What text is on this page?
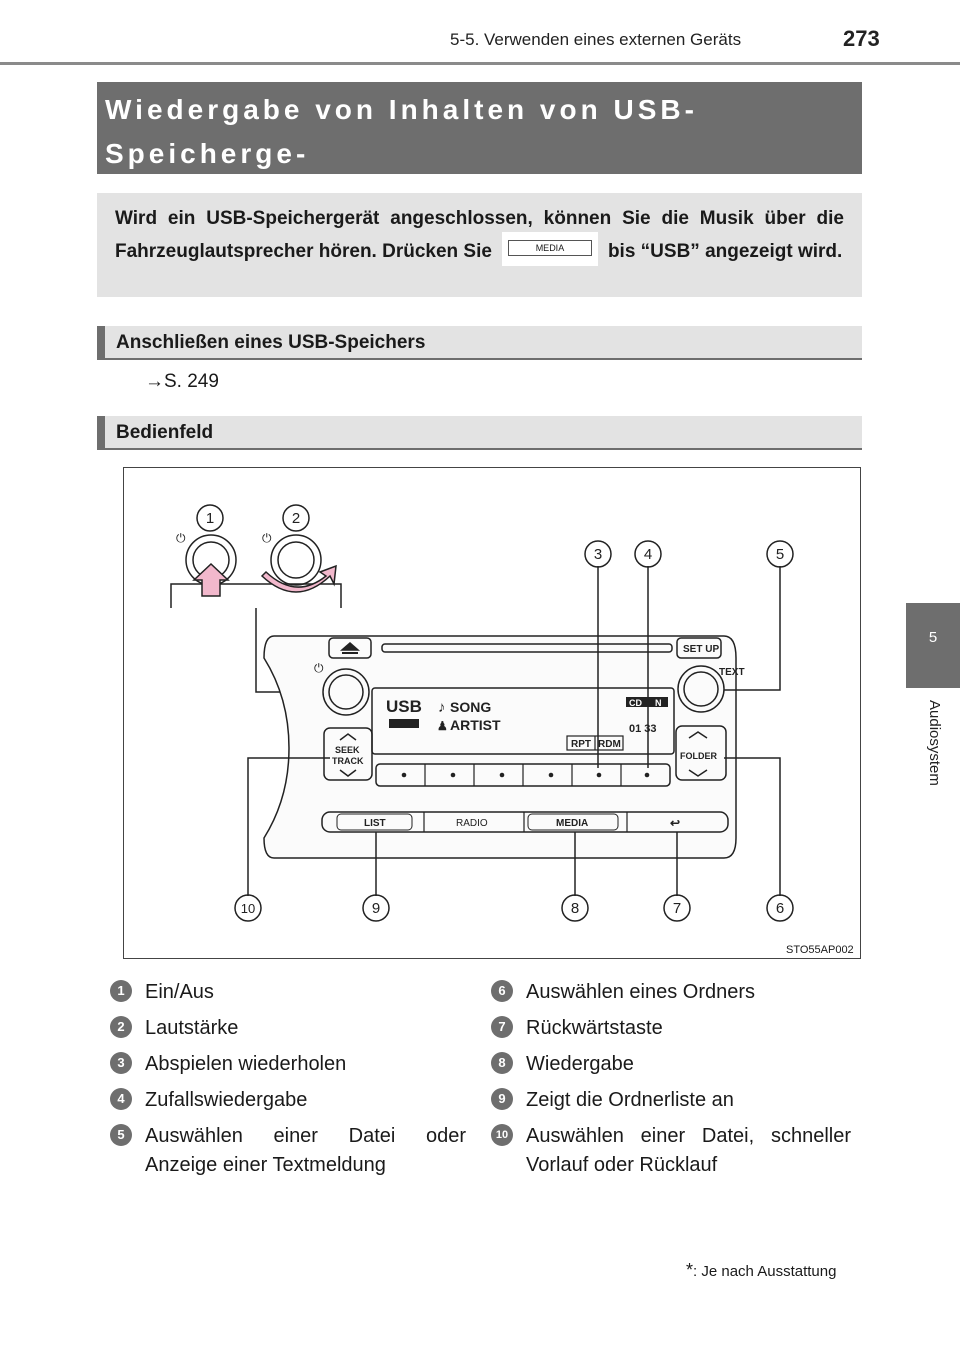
5-5. Verwenden eines externen Geräts	273
5
Audiosystem
Wiedergabe von Inhalten von USB-Speicherge-

Wird ein USB-Speichergerät angeschlossen, können Sie die Musik über die Fahrzeuglautsprecher hören. Drücken Sie	MEDIA	bis “USB” angezeigt wird.
Anschließen eines USB-Speichers
→S. 249
Bedienfeld
⏻	⏻
⏻
1	2
3	4	5
6
7
8
9
10
USB ♪ SONG
♟ ARTIST
CD N
01 33
RPT RDM
SET UP
TEXT
SEEK
TRACK	FOLDER
LIST	RADIO	MEDIA	↩
STO55AP002
1	Ein/Aus
2	Lautstärke
3	Abspielen wiederholen
4	Zufallswiedergabe
5	Auswählen einer Datei oder
Anzeige einer Textmeldung
6	Auswählen eines Ordners
7	Rückwärtstaste
8	Wiedergabe
9	Zeigt die Ordnerliste an
10 Auswählen einer Datei, schneller
Vorlauf oder Rücklauf
*: Je nach Ausstattung
